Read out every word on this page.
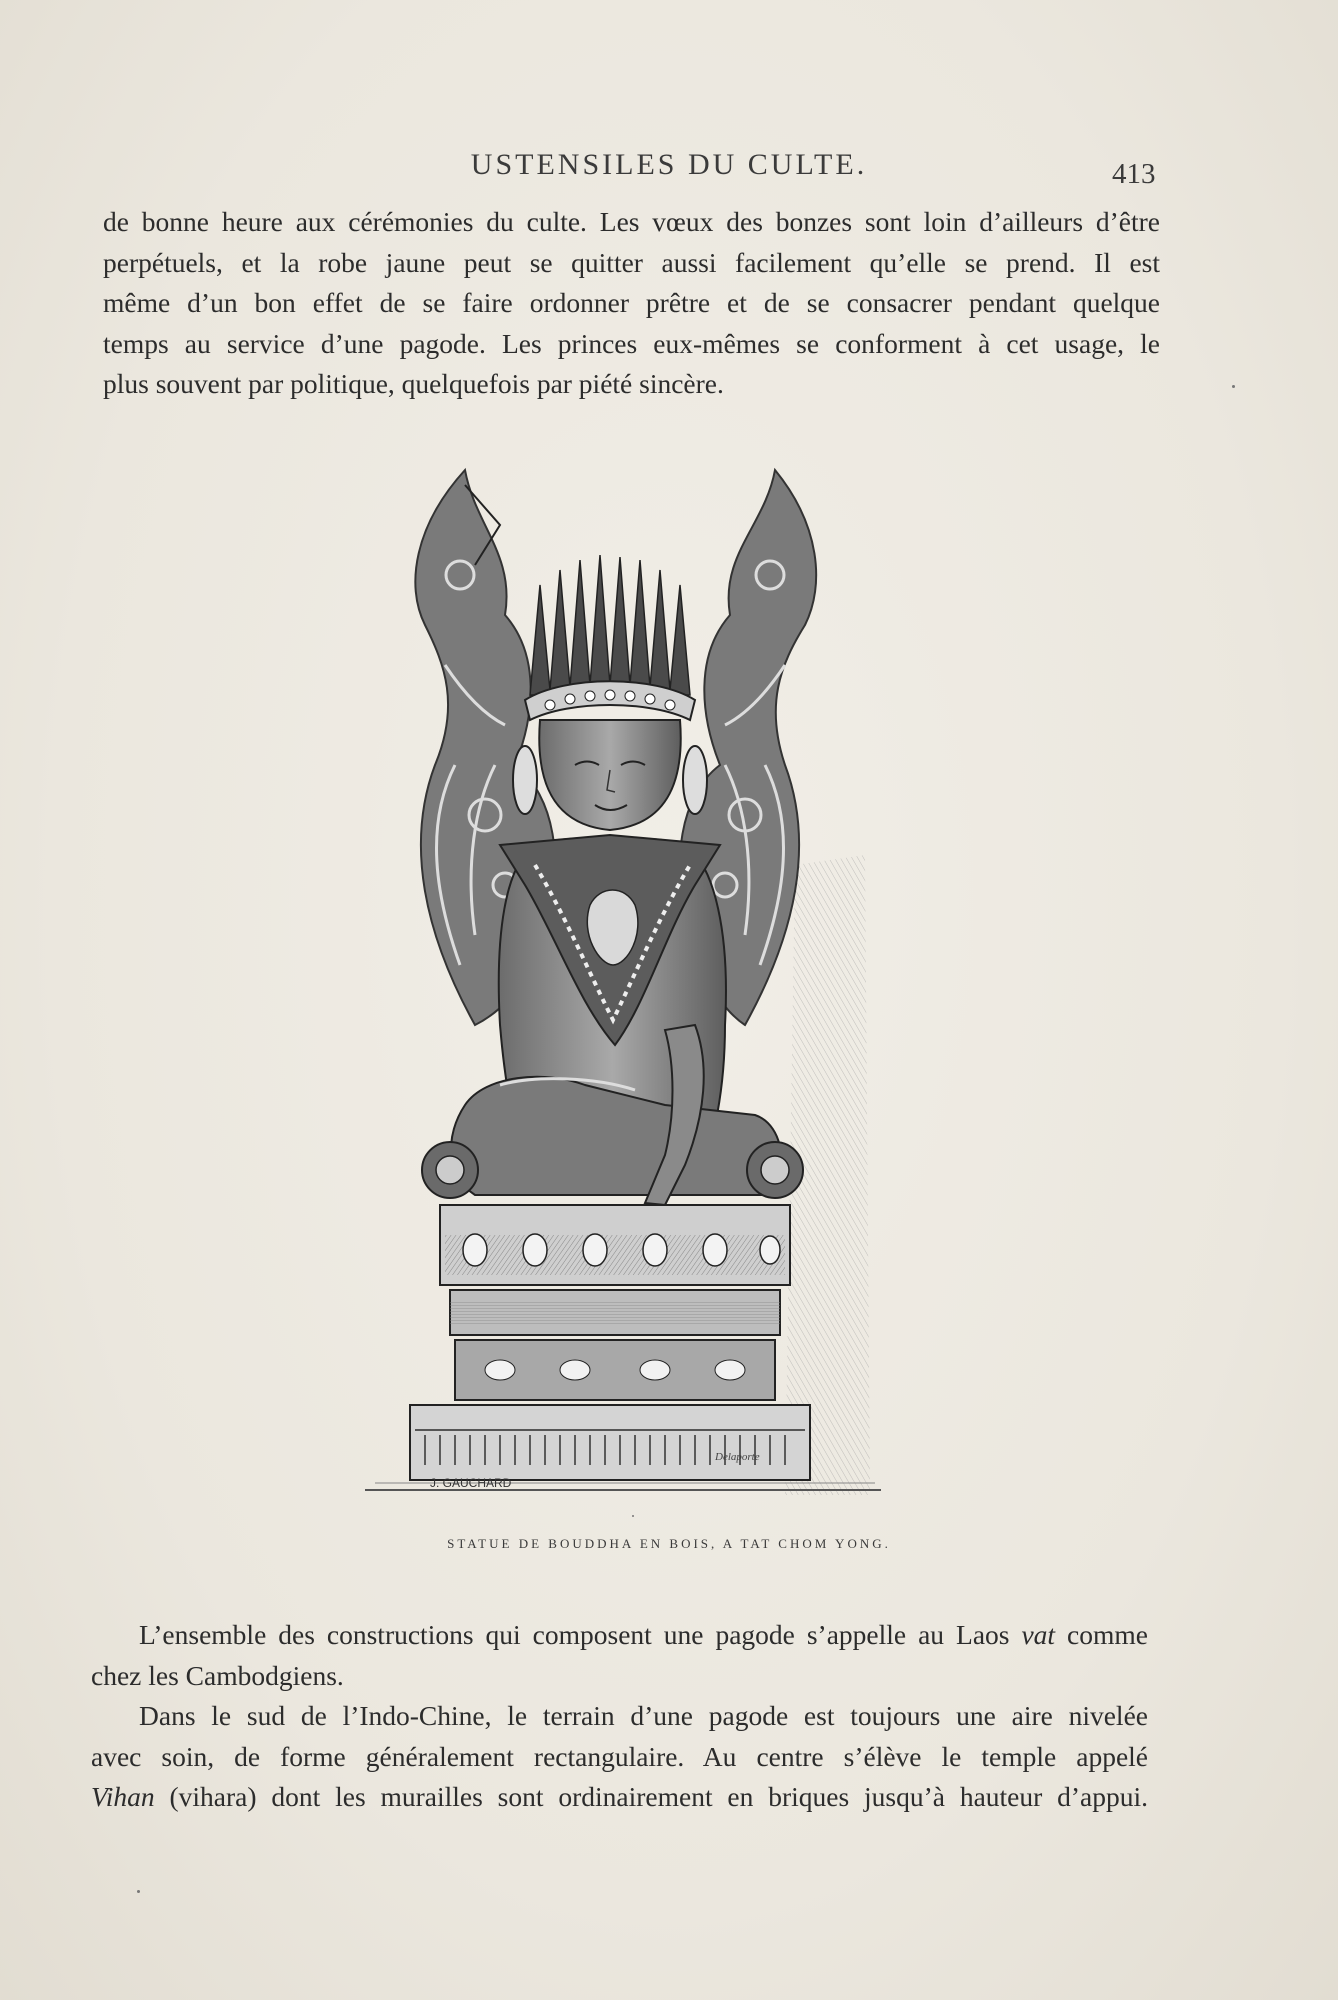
USTENSILES DU CULTE.	413

de bonne heure aux cérémonies du culte. Les vœux des bonzes sont loin d’ailleurs d’être
perpétuels, et la robe jaune peut se quitter aussi facilement qu’elle se prend. Il est
même d’un bon effet de se faire ordonner prêtre et de se consacrer pendant quelque
temps au service d’une pagode. Les princes eux-mêmes se conforment à cet usage, le
plus souvent par politique, quelquefois par piété sincère.

J. GAUCHARD
Delaporte
STATUE DE BOUDDHA EN BOIS, A TAT CHOM YONG.
L’ensemble des constructions qui composent une pagode s’appelle au Laos vat comme
chez les Cambodgiens.
Dans le sud de l’Indo-Chine, le terrain d’une pagode est toujours une aire nivelée
avec soin, de forme généralement rectangulaire. Au centre s’élève le temple appelé
Vihan (vihara) dont les murailles sont ordinairement en briques jusqu’à hauteur d’appui.
